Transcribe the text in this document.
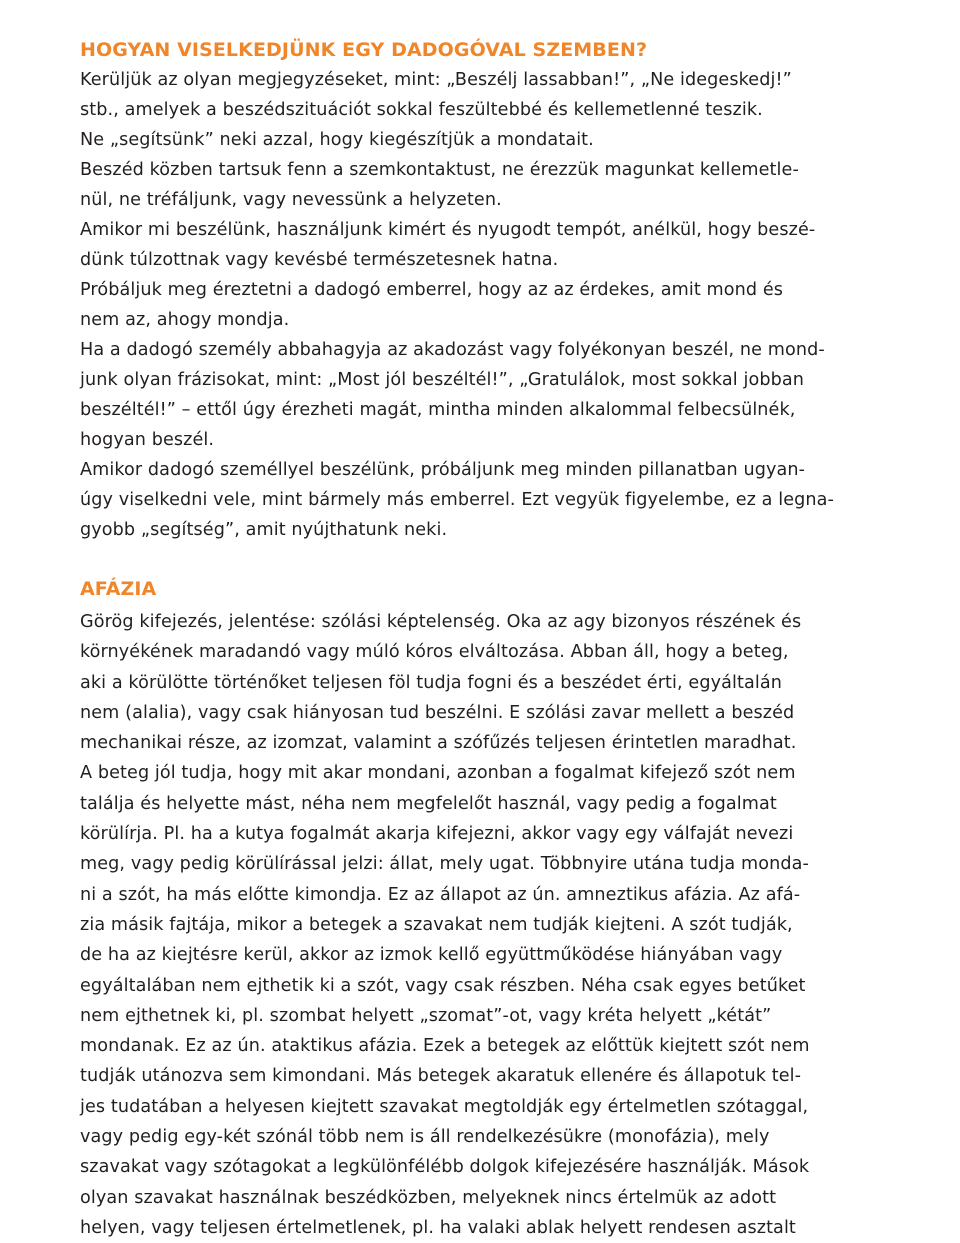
HOGYAN VISELKEDJÜNK EGY DADOGÓVAL SZEMBEN?

Kerüljük az olyan megjegyzéseket, mint: „Beszélj lassabban!”, „Ne idegeskedj!”
stb., amelyek a beszédszituációt sokkal feszültebbé és kellemetlenné teszik.
Ne „segítsünk” neki azzal, hogy kiegészítjük a mondatait.
Beszéd közben tartsuk fenn a szemkontaktust, ne érezzük magunkat kellemetle-
nül, ne tréfáljunk, vagy nevessünk a helyzeten.
Amikor mi beszélünk, használjunk kimért és nyugodt tempót, anélkül, hogy beszé-
dünk túlzottnak vagy kevésbé természetesnek hatna.
Próbáljuk meg éreztetni a dadogó emberrel, hogy az az érdekes, amit mond és
nem az, ahogy mondja.
Ha a dadogó személy abbahagyja az akadozást vagy folyékonyan beszél, ne mond-
junk olyan frázisokat, mint: „Most jól beszéltél!”, „Gratulálok, most sokkal jobban
beszéltél!” – ettől úgy érezheti magát, mintha minden alkalommal felbecsülnék,
hogyan beszél.
Amikor dadogó személlyel beszélünk, próbáljunk meg minden pillanatban ugyan-
úgy viselkedni vele, mint bármely más emberrel. Ezt vegyük figyelembe, ez a legna-
gyobb „segítség”, amit nyújthatunk neki.

AFÁZIA

Görög kifejezés, jelentése: szólási képtelenség. Oka az agy bizonyos részének és
környékének maradandó vagy múló kóros elváltozása. Abban áll, hogy a beteg,
aki a körülötte történőket teljesen föl tudja fogni és a beszédet érti, egyáltalán
nem (alalia), vagy csak hiányosan tud beszélni. E szólási zavar mellett a beszéd
mechanikai része, az izomzat, valamint a szófűzés teljesen érintetlen maradhat.
A beteg jól tudja, hogy mit akar mondani, azonban a fogalmat kifejező szót nem
találja és helyette mást, néha nem megfelelőt használ, vagy pedig a fogalmat
körülírja. Pl. ha a kutya fogalmát akarja kifejezni, akkor vagy egy válfaját nevezi
meg, vagy pedig körülírással jelzi: állat, mely ugat. Többnyire utána tudja monda-
ni a szót, ha más előtte kimondja. Ez az állapot az ún. amneztikus afázia. Az afá-
zia másik fajtája, mikor a betegek a szavakat nem tudják kiejteni. A szót tudják,
de ha az kiejtésre kerül, akkor az izmok kellő együttműködése hiányában vagy
egyáltalában nem ejthetik ki a szót, vagy csak részben. Néha csak egyes betűket
nem ejthetnek ki, pl. szombat helyett „szomat”-ot, vagy kréta helyett „kétát”
mondanak. Ez az ún. ataktikus afázia. Ezek a betegek az előttük kiejtett szót nem
tudják utánozva sem kimondani. Más betegek akaratuk ellenére és állapotuk tel-
jes tudatában a helyesen kiejtett szavakat megtoldják egy értelmetlen szótaggal,
vagy pedig egy-két szónál több nem is áll rendelkezésükre (monofázia), mely
szavakat vagy szótagokat a legkülönfélébb dolgok kifejezésére használják. Mások
olyan szavakat használnak beszédközben, melyeknek nincs értelmük az adott
helyen, vagy teljesen értelmetlenek, pl. ha valaki ablak helyett rendesen asztalt
